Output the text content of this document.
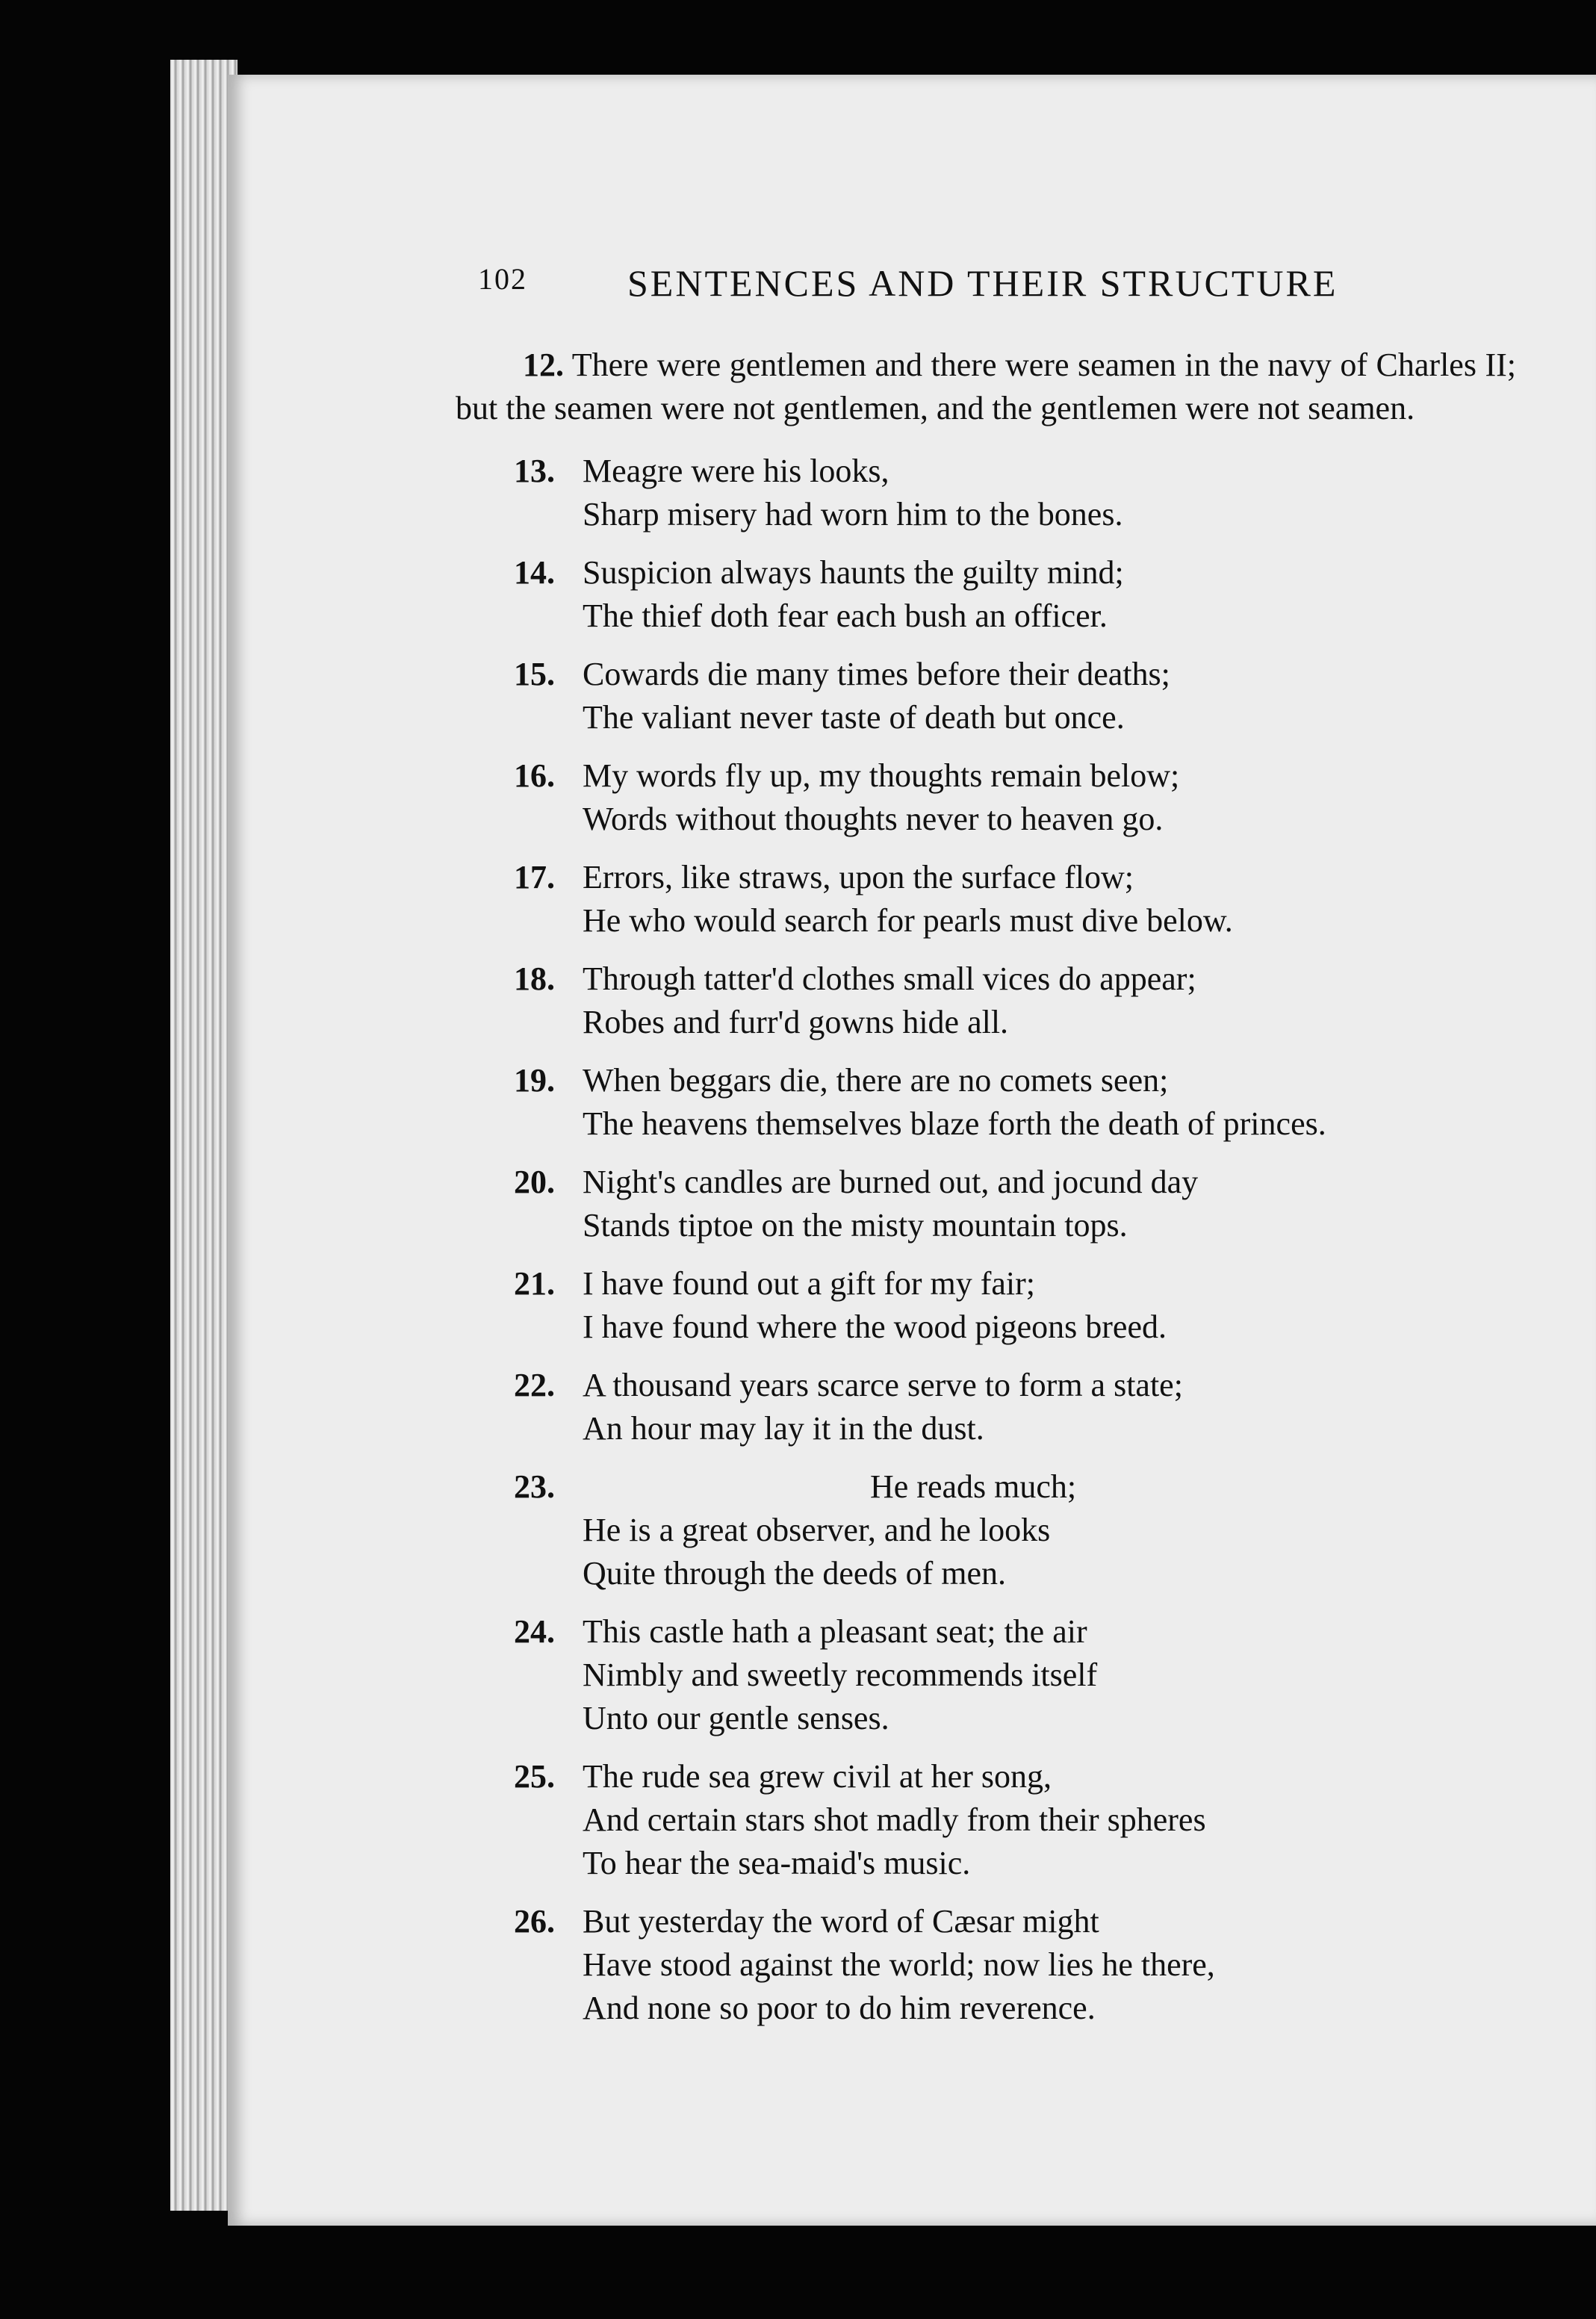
102	SENTENCES AND THEIR STRUCTURE

12. There were gentlemen and there were seamen in the navy of Charles II; but the seamen were not gentlemen, and the gentlemen were not seamen.

13. Meagre were his looks,
Sharp misery had worn him to the bones.
14. Suspicion always haunts the guilty mind;
The thief doth fear each bush an officer.
15. Cowards die many times before their deaths;
The valiant never taste of death but once.
16. My words fly up, my thoughts remain below;
Words without thoughts never to heaven go.
17. Errors, like straws, upon the surface flow;
He who would search for pearls must dive below.
18. Through tatter'd clothes small vices do appear;
Robes and furr'd gowns hide all.
19. When beggars die, there are no comets seen;
The heavens themselves blaze forth the death of princes.
20. Night's candles are burned out, and jocund day
Stands tiptoe on the misty mountain tops.
21. I have found out a gift for my fair;
I have found where the wood pigeons breed.
22. A thousand years scarce serve to form a state;
An hour may lay it in the dust.
23.	He reads much;
He is a great observer, and he looks
Quite through the deeds of men.
24. This castle hath a pleasant seat; the air
Nimbly and sweetly recommends itself
Unto our gentle senses.
25. The rude sea grew civil at her song,
And certain stars shot madly from their spheres
To hear the sea-maid's music.
26. But yesterday the word of Cæsar might
Have stood against the world; now lies he there,
And none so poor to do him reverence.
